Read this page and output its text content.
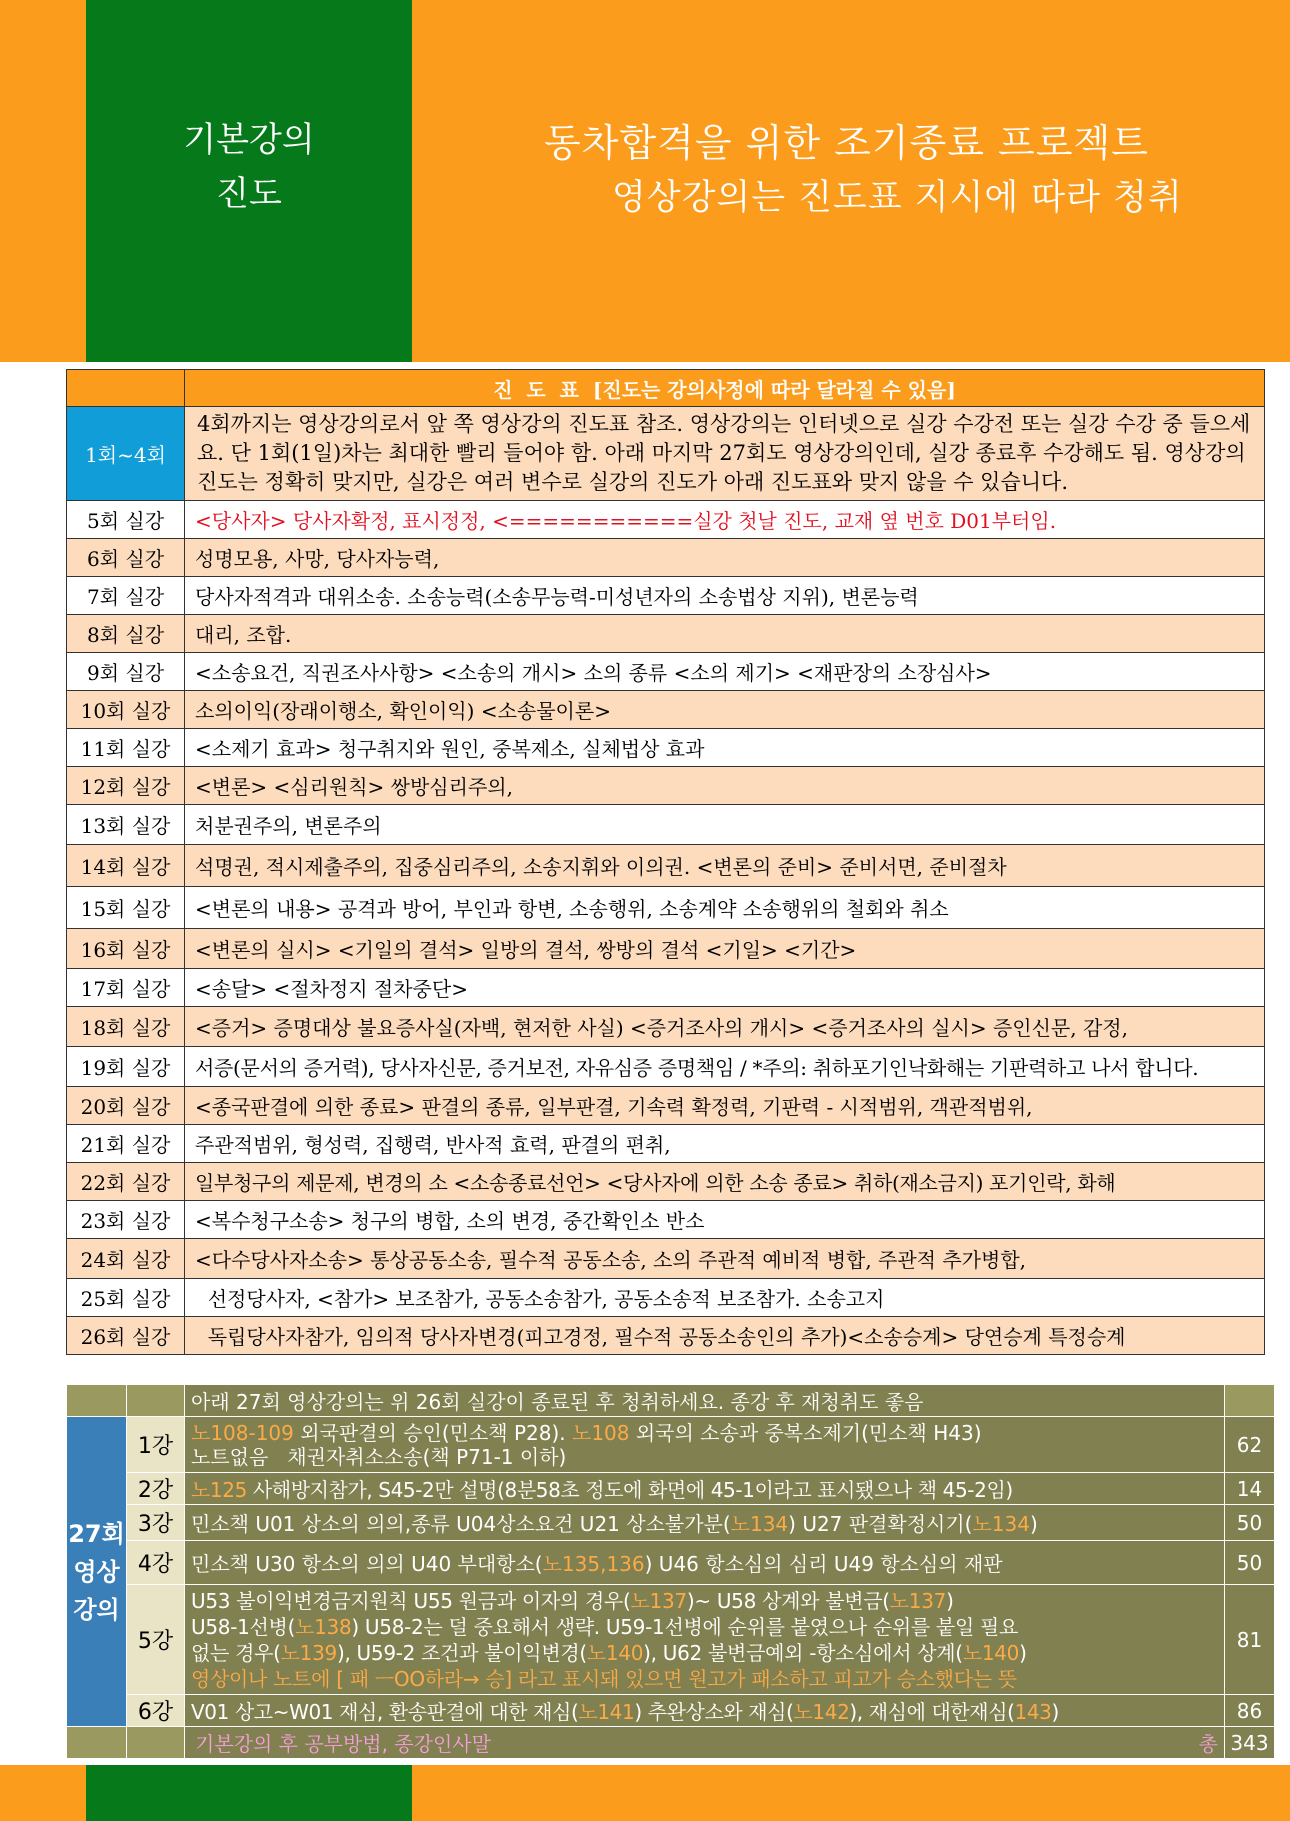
기본강의
진도
동차합격을 위한 조기종료 프로젝트
영상강의는 진도표 지시에 따라 청취
	진  도  표  [진도는 강의사정에 따라 달라질 수 있음]
1회~4회	4회까지는 영상강의로서 앞 쪽 영상강의 진도표 참조. 영상강의는 인터넷으로 실강 수강전 또는 실강 수강 중 들으세요. 단 1회(1일)차는 최대한 빨리 들어야 함. 아래 마지막 27회도 영상강의인데, 실강 종료후 수강해도 됨. 영상강의 진도는 정확히 맞지만, 실강은 여러 변수로 실강의 진도가 아래 진도표와 맞지 않을 수 있습니다.
5회 실강	<당사자> 당사자확정, 표시정정, <===========실강 첫날 진도, 교재 옆 번호 D01부터임.
6회 실강	성명모용, 사망, 당사자능력,
7회 실강	당사자적격과 대위소송. 소송능력(소송무능력-미성년자의 소송법상 지위), 변론능력
8회 실강	대리, 조합.
9회 실강	<소송요건, 직권조사사항> <소송의 개시> 소의 종류 <소의 제기> <재판장의 소장심사>
10회 실강	소의이익(장래이행소, 확인이익) <소송물이론>
11회 실강	<소제기 효과> 청구취지와 원인, 중복제소, 실체법상 효과
12회 실강	<변론> <심리원칙> 쌍방심리주의,
13회 실강	처분권주의, 변론주의
14회 실강	석명권, 적시제출주의, 집중심리주의, 소송지휘와 이의권. <변론의 준비> 준비서면, 준비절차
15회 실강	<변론의 내용> 공격과 방어, 부인과 항변, 소송행위, 소송계약 소송행위의 철회와 취소
16회 실강	<변론의 실시> <기일의 결석> 일방의 결석, 쌍방의 결석 <기일> <기간>
17회 실강	<송달> <절차정지 절차중단>
18회 실강	<증거> 증명대상 불요증사실(자백, 현저한 사실) <증거조사의 개시> <증거조사의 실시> 증인신문, 감정,
19회 실강	서증(문서의 증거력), 당사자신문, 증거보전, 자유심증 증명책임 / *주의: 취하포기인낙화해는 기판력하고 나서 합니다.
20회 실강	<종국판결에 의한 종료> 판결의 종류, 일부판결, 기속력 확정력, 기판력 - 시적범위, 객관적범위,
21회 실강	주관적범위, 형성력, 집행력, 반사적 효력, 판결의 편취,
22회 실강	일부청구의 제문제, 변경의 소 <소송종료선언> <당사자에 의한 소송 종료> 취하(재소금지) 포기인락, 화해
23회 실강	<복수청구소송> 청구의 병합, 소의 변경, 중간확인소 반소
24회 실강	<다수당사자소송> 통상공동소송, 필수적 공동소송, 소의 주관적 예비적 병합, 주관적 추가병합,
25회 실강	선정당사자, <참가> 보조참가, 공동소송참가, 공동소송적 보조참가. 소송고지
26회 실강	독립당사자참가, 임의적 당사자변경(피고경정, 필수적 공동소송인의 추가)<소송승계> 당연승계 특정승계
		아래 27회 영상강의는 위 26회 실강이 종료된 후 청취하세요. 종강 후 재청취도 좋음	
27회
영상
강의	1강	노108-109 외국판결의 승인(민소책 P28). 노108 외국의 소송과 중복소제기(민소책 H43)
노트없음   채권자취소소송(책 P71-1 이하)	62
	2강	노125 사해방지참가, S45-2만 설명(8분58초 정도에 화면에 45-1이라고 표시됐으나 책 45-2임)	14
	3강	민소책 U01 상소의 의의,종류 U04상소요건 U21 상소불가분(노134) U27 판결확정시기(노134)	50
	4강	민소책 U30 항소의 의의 U40 부대항소(노135,136) U46 항소심의 심리 U49 항소심의 재판	50
	5강	U53 불이익변경금지원칙 U55 원금과 이자의 경우(노137)~ U58 상계와 불변금(노137)
U58-1선병(노138) U58-2는 덜 중요해서 생략. U59-1선병에 순위를 붙였으나 순위를 붙일 필요
없는 경우(노139), U59-2 조건과 불이익변경(노140), U62 불변금예외 -항소심에서 상계(노140)
영상이나 노트에 [ 패 ㅡOO하라→ 승] 라고 표시돼 있으면 원고가 패소하고 피고가 승소했다는 뜻	81
	6강	V01 상고~W01 재심, 환송판결에 대한 재심(노141) 추완상소와 재심(노142), 재심에 대한재심(143)	86
		기본강의 후 공부방법, 종강인사말 총	343
